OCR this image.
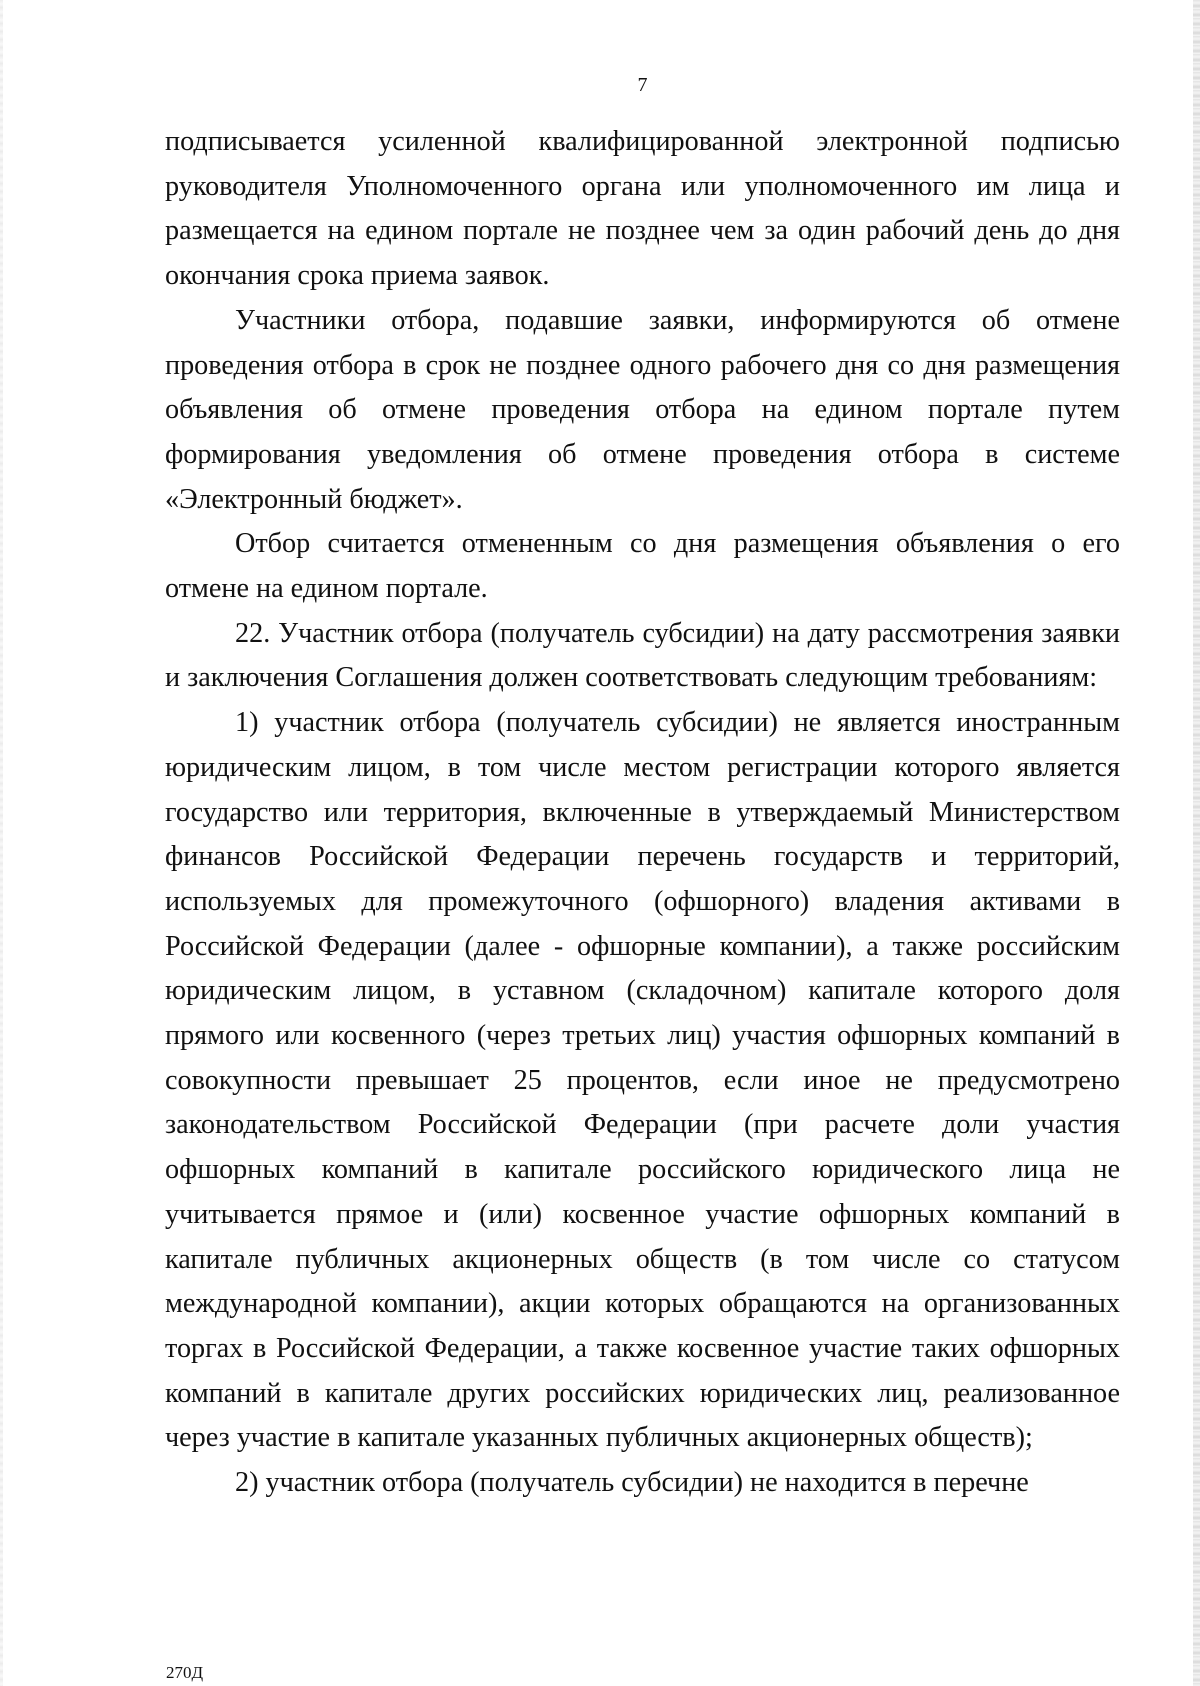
7

подписывается усиленной квалифицированной электронной подписью руководителя Уполномоченного органа или уполномоченного им лица и размещается на едином портале не позднее чем за один рабочий день до дня окончания срока приема заявок.

Участники отбора, подавшие заявки, информируются об отмене проведения отбора в срок не позднее одного рабочего дня со дня размещения объявления об отмене проведения отбора на едином портале путем формирования уведомления об отмене проведения отбора в системе «Электронный бюджет».

Отбор считается отмененным со дня размещения объявления о его отмене на едином портале.

22. Участник отбора (получатель субсидии) на дату рассмотрения заявки и заключения Соглашения должен соответствовать следующим требованиям:

1) участник отбора (получатель субсидии) не является иностранным юридическим лицом, в том числе местом регистрации которого является государство или территория, включенные в утверждаемый Министерством финансов Российской Федерации перечень государств и территорий, используемых для промежуточного (офшорного) владения активами в Российской Федерации (далее - офшорные компании), а также российским юридическим лицом, в уставном (складочном) капитале которого доля прямого или косвенного (через третьих лиц) участия офшорных компаний в совокупности превышает 25 процентов, если иное не предусмотрено законодательством Российской Федерации (при расчете доли участия офшорных компаний в капитале российского юридического лица не учитывается прямое и (или) косвенное участие офшорных компаний в капитале публичных акционерных обществ (в том числе со статусом международной компании), акции которых обращаются на организованных торгах в Российской Федерации, а также косвенное участие таких офшорных компаний в капитале других российских юридических лиц, реализованное через участие в капитале указанных публичных акционерных обществ);

2) участник отбора (получатель субсидии) не находится в перечне

270Д
